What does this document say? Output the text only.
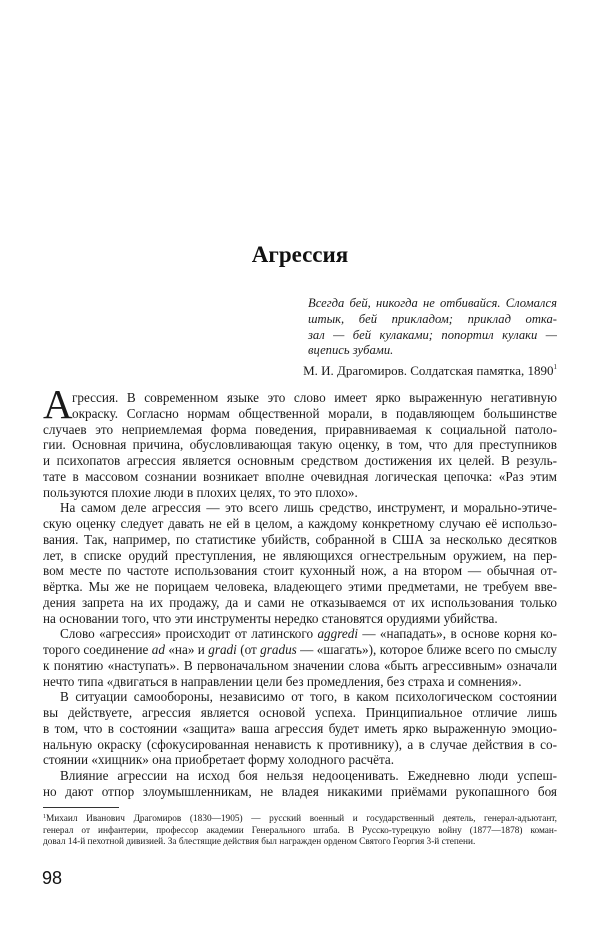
Агрессия
Всегда бей, никогда не отбивайся. Сломался
штык, бей прикладом; приклад отка-
зал — бей кулаками; попортил кулаки —
вцепись зубами.
М. И. Драгомиров. Солдатская памятка, 1890$^1$
А грессия. В современном языке это слово имеет ярко выраженную негативную
окраску. Согласно нормам общественной морали, в подавляющем большинстве
случаев это неприемлемая форма поведения, приравниваемая к социальной патоло-
гии. Основная причина, обусловливающая такую оценку, в том, что для преступников
и психопатов агрессия является основным средством достижения их целей. В резуль-
тате в массовом сознании возникает вполне очевидная логическая цепочка: «Раз этим
пользуются плохие люди в плохих целях, то это плохо».
На самом деле агрессия — это всего лишь средство, инструмент, и морально-этиче-
скую оценку следует давать не ей в целом, а каждому конкретному случаю её использо-
вания. Так, например, по статистике убийств, собранной в США за несколько десятков
лет, в списке орудий преступления, не являющихся огнестрельным оружием, на пер-
вом месте по частоте использования стоит кухонный нож, а на втором — обычная от-
вёртка. Мы же не порицаем человека, владеющего этими предметами, не требуем вве-
дения запрета на их продажу, да и сами не отказываемся от их использования только
на основании того, что эти инструменты нередко становятся орудиями убийства.
Слово «агрессия» происходит от латинского aggredi — «нападать», в основе корня ко-
торого соединение ad «на» и gradi (от gradus — «шагать»), которое ближе всего по смыслу
к понятию «наступать». В первоначальном значении слова «быть агрессивным» означали
нечто типа «двигаться в направлении цели без промедления, без страха и сомнения».
В ситуации самообороны, независимо от того, в каком психологическом состоянии
вы действуете, агрессия является основой успеха. Принципиальное отличие лишь
в том, что в состоянии «защита» ваша агрессия будет иметь ярко выраженную эмоцио-
нальную окраску (сфокусированная ненависть к противнику), а в случае действия в со-
стоянии «хищник» она приобретает форму холодного расчёта.
Влияние агрессии на исход боя нельзя недооценивать. Ежедневно люди успеш-
но дают отпор злоумышленникам, не владея никакими приёмами рукопашного боя
$^1$Михаил Иванович Драгомиров (1830—1905) — русский военный и государственный деятель, генерал-адъютант,
генерал от инфантерии, профессор академии Генерального штаба. В Русско-турецкую войну (1877—1878) коман-
довал 14-й пехотной дивизией. За блестящие действия был награжден орденом Святого Георгия 3-й степени.
98
